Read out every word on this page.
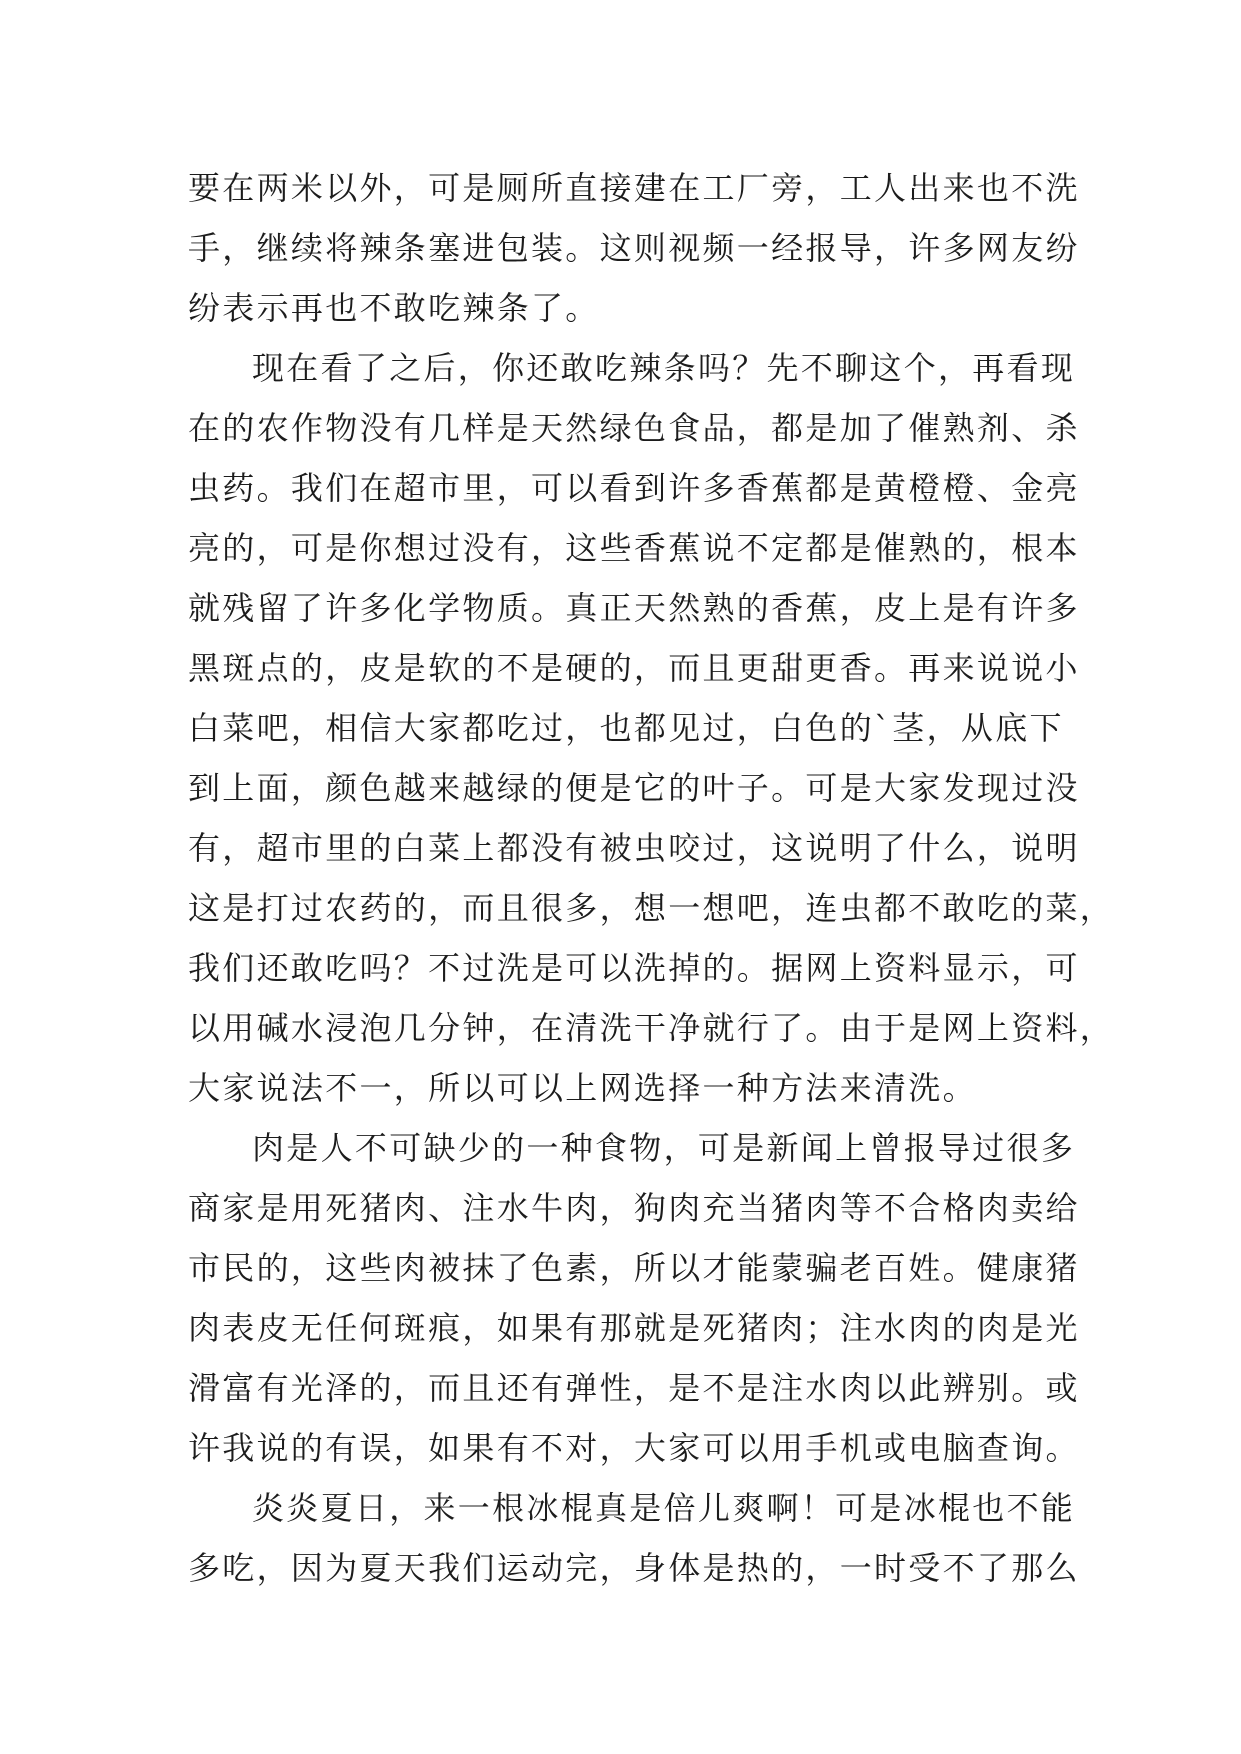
要在两米以外，可是厕所直接建在工厂旁，工人出来也不洗
手，继续将辣条塞进包装。这则视频一经报导，许多网友纷
纷表示再也不敢吃辣条了。
现在看了之后，你还敢吃辣条吗？先不聊这个，再看现
在的农作物没有几样是天然绿色食品，都是加了催熟剂、杀
虫药。我们在超市里，可以看到许多香蕉都是黄橙橙、金亮
亮的，可是你想过没有，这些香蕉说不定都是催熟的，根本
就残留了许多化学物质。真正天然熟的香蕉，皮上是有许多
黑斑点的，皮是软的不是硬的，而且更甜更香。再来说说小
白菜吧，相信大家都吃过，也都见过，白色的`茎，从底下
到上面，颜色越来越绿的便是它的叶子。可是大家发现过没
有，超市里的白菜上都没有被虫咬过，这说明了什么，说明
这是打过农药的，而且很多，想一想吧，连虫都不敢吃的菜，
我们还敢吃吗？不过洗是可以洗掉的。据网上资料显示，可
以用碱水浸泡几分钟，在清洗干净就行了。由于是网上资料，
大家说法不一，所以可以上网选择一种方法来清洗。
肉是人不可缺少的一种食物，可是新闻上曾报导过很多
商家是用死猪肉、注水牛肉，狗肉充当猪肉等不合格肉卖给
市民的，这些肉被抹了色素，所以才能蒙骗老百姓。健康猪
肉表皮无任何斑痕，如果有那就是死猪肉；注水肉的肉是光
滑富有光泽的，而且还有弹性，是不是注水肉以此辨别。或
许我说的有误，如果有不对，大家可以用手机或电脑查询。
炎炎夏日，来一根冰棍真是倍儿爽啊！可是冰棍也不能
多吃，因为夏天我们运动完，身体是热的，一时受不了那么
